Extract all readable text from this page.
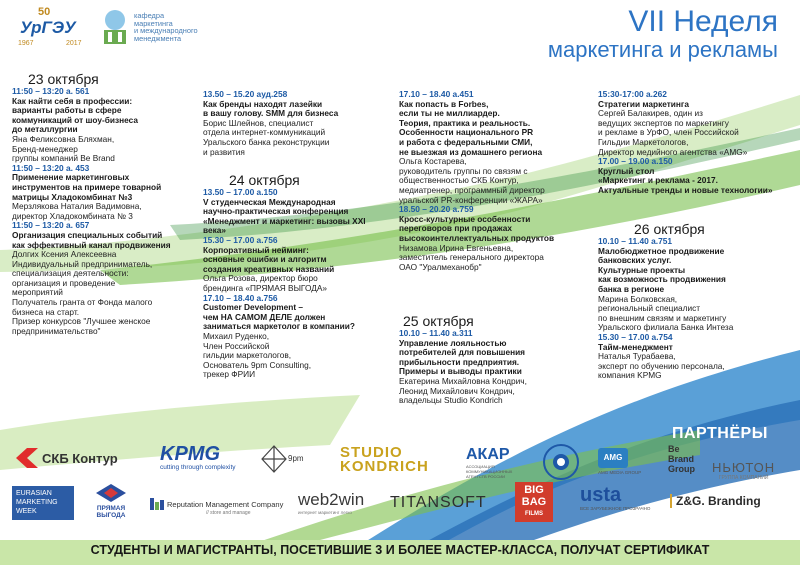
50
УрГЭУ
1967	2017
кафедра
маркетинга
и международного
менеджмента
VII Неделя
маркетинга и рекламы
23 октября

11:50 – 13:20 а. 561

Как найти себя в профессии:

варианты работы в сфере

коммуникаций от шоу-бизнеса

до металлургии

Яна Феликсовна Бляхман,

Бренд-менеджер

группы компаний Be Brand

11:50 – 13:20 а. 453

Применение маркетинговых

инструментов на примере товарной

матрицы Хладокомбинат №3

Мерзлякова Наталия Вадимовна,

директор Хладокомбината № 3

11:50 – 13:20 а. 657

Организация специальных событий

как эффективный канал продвижения

Долгих Ксения Алексеевна

Индивидуальный предприниматель,

специализация деятельности:

организация и проведение

мероприятий

Получатель гранта от Фонда малого

бизнеса на старт.

Призер конкурсов "Лучшее женское

предпринимательство"

13.50 – 15.20 ауд.258

Как бренды находят лазейки

в вашу голову. SMM для бизнеса

Борис Шлейнов, специалист

отдела интернет-коммуникаций

Уральского банка реконструкции

и развития

24 октября

13.50 – 17.00 а.150

V студенческая Международная

научно-практическая конференция

«Менеджмент и маркетинг: вызовы XXI

века»

15.30 – 17.00 а.756

Корпоративный нейминг:

основные ошибки и алгоритм

создания креативных названий

Ольга Розова, директор бюро

брендинга «ПРЯМАЯ ВЫГОДА»

17.10 – 18.40 а.756

Customer Development –

чем НА САМОМ ДЕЛЕ должен

заниматься маркетолог в компании?

Михаил Руденко,

Член Российской

гильдии маркетологов,

Основатель 9pm Consulting,

трекер ФРИИ

17.10 – 18.40 а.451

Как попасть в Forbes,

если ты не миллиардер.

Теория, практика и реальность.

Особенности национального PR

и работа с федеральными СМИ,

не выезжая из домашнего региона

Ольга Костарева,

руководитель группы по связям с

общественностью СКБ Контур,

медиатренер, программный директор

уральской PR-конференции «ЖАРА»

18.50 – 20.20 а.759

Кросс-культурные особенности

переговоров при продажах

высокоинтеллектуальных продуктов

Низамова Ирина Евгеньевна,

заместитель генерального директора

ОАО "Уралмеханобр"

25 октября

10.10 – 11.40 а.311

Управление лояльностью

потребителей для повышения

прибыльности предприятия.

Примеры и выводы практики

Екатерина Михайловна Кондрич,

Леонид Михайлович Кондрич,

владельцы Studio Kondrich

15:30-17:00 а.262

Стратегии маркетинга

Сергей Балакирев, один из

ведущих экспертов по маркетингу

и рекламе в УрФО, член Российской

Гильдии Маркетологов,

Директор медийного агентства «AMG»

17.00 – 19.00 а.150

Круглый стол

«Маркетинг и реклама - 2017.

Актуальные тренды и новые технологии»

26 октября

10.10 – 11.40 а.751

Малобюджетное продвижение

банковских услуг.

Культурные проекты

как возможность продвижения

банка в регионе

Марина Болковская,

региональный специалист

по внешним связям и маркетингу

Уральского филиала Банка Интеза

15.30 – 17.00 а.754

Тайм-менеджмент

Наталья Турабаева,

эксперт по обучению персонала,

компания KPMG

ПАРТНЁРЫ
СКБ Контур KPMG
cutting through complexity
9pm STUDIO KONDRICH
АКАР
АССОЦИАЦИЯ КОММУНИКАЦИОННЫХ АГЕНТСТВ РОССИИ
AMG
AMG MEDIA GROUP
Be
Brand
Group НЬЮТОН
ГРУППА КОМПАНИЙ
EURASIAN
MARKETING
WEEK	ПРЯМАЯ
ВЫГОДА
Reputation Management Company
// store and manage
web2win
интернет маркетинг легко
TITANSOFT
BIG
BAG
FILMS
usta
ВСЕ ЗАРУБЕЖНОЕ ПРОЗРАЧНО
Z&G. Branding
СТУДЕНТЫ И МАГИСТРАНТЫ, ПОСЕТИВШИЕ 3 И БОЛЕЕ МАСТЕР-КЛАССА, ПОЛУЧАТ СЕРТИФИКАТ
